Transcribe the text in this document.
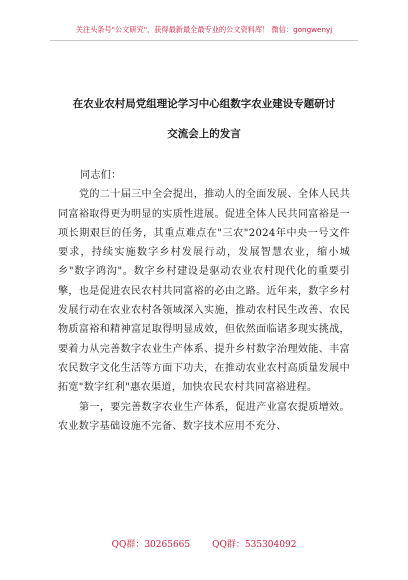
关注头条号"公文研究"，获得最新最全最专业的公文资料库！ 微信：gongwenyj
在农业农村局党组理论学习中心组数字农业建设专题研讨
交流会上的发言

同志们：

党的二十届三中全会提出，推动人的全面发展、全体人民共同富裕取得更为明显的实质性进展。促进全体人民共同富裕是一项长期艰巨的任务，其重点难点在"三农"2024年中央一号文件要求，持续实施数字乡村发展行动，发展智慧农业，缩小城乡"数字鸿沟"。数字乡村建设是驱动农业农村现代化的重要引擎，也是促进农民农村共同富裕的必由之路。近年来，数字乡村发展行动在农业农村各领域深入实施，推动农村民生改善、农民物质富裕和精神富足取得明显成效，但依然面临诸多现实挑战，要着力从完善数字农业生产体系、提升乡村数字治理效能、丰富农民数字文化生活等方面下功夫，在推动农业农村高质量发展中拓宽"数字红利"惠农渠道，加快农民农村共同富裕进程。

第一，要完善数字农业生产体系，促进产业富农提质增效。农业数字基础设施不完备、数字技术应用不充分、

QQ群：30265665 QQ群：535304092
